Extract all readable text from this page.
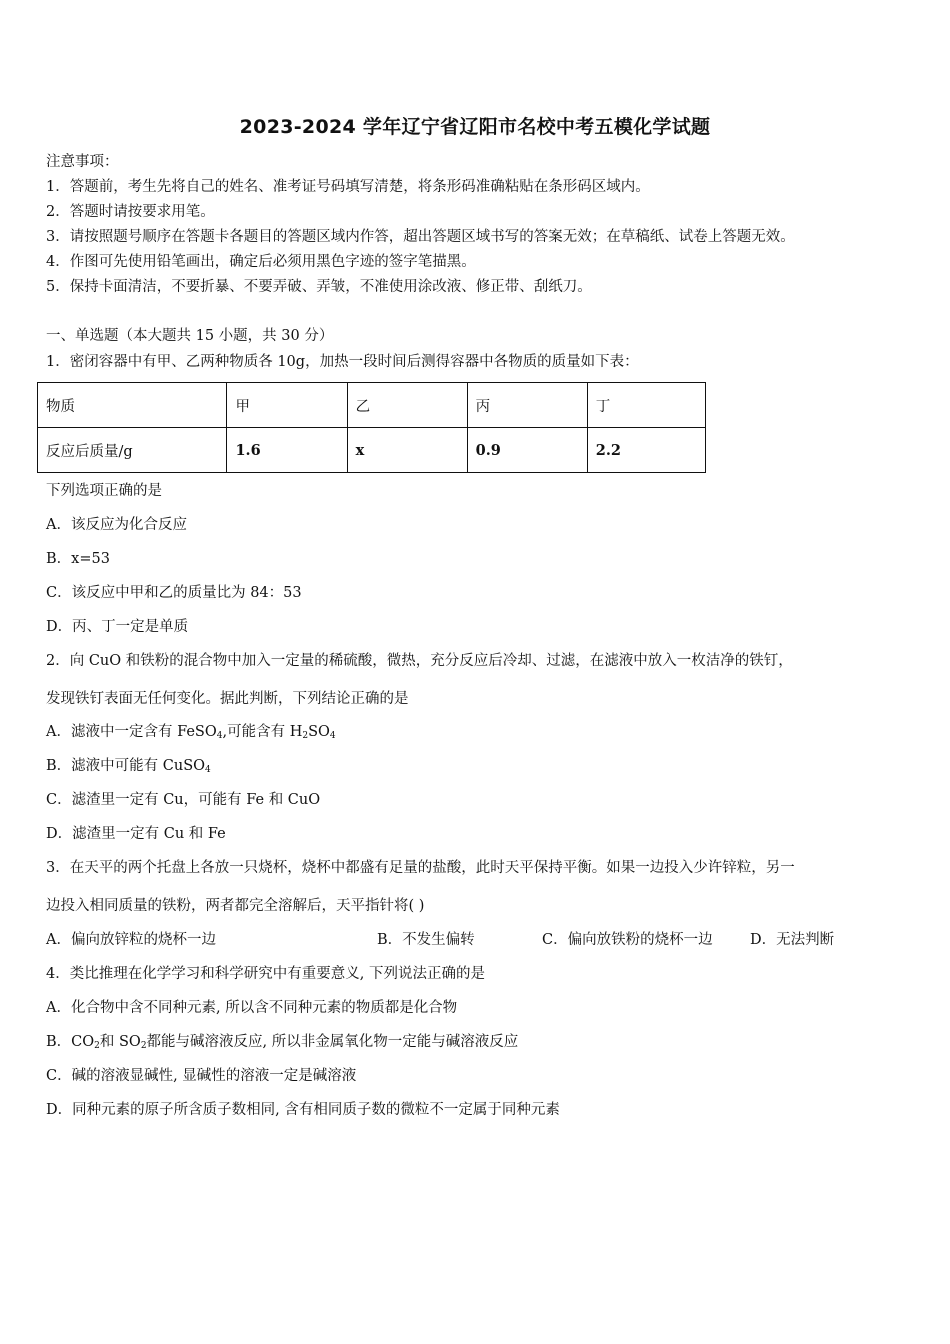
2023-2024 学年辽宁省辽阳市名校中考五模化学试题
注意事项：
1．答题前，考生先将自己的姓名、准考证号码填写清楚，将条形码准确粘贴在条形码区域内。
2．答题时请按要求用笔。
3．请按照题号顺序在答题卡各题目的答题区域内作答，超出答题区域书写的答案无效；在草稿纸、试卷上答题无效。
4．作图可先使用铅笔画出，确定后必须用黑色字迹的签字笔描黑。
5．保持卡面清洁，不要折暴、不要弄破、弄皱，不准使用涂改液、修正带、刮纸刀。
一、单选题（本大题共 15 小题，共 30 分）
1．密闭容器中有甲、乙两种物质各 10g，加热一段时间后测得容器中各物质的质量如下表：
物质	甲	乙	丙	丁
反应后质量/g	1.6	x	0.9	2.2
下列选项正确的是
A．该反应为化合反应
B．x=53
C．该反应中甲和乙的质量比为 84：53
D．丙、丁一定是单质
2．向 CuO 和铁粉的混合物中加入一定量的稀硫酸，微热，充分反应后冷却、过滤，在滤液中放入一枚洁净的铁钉，
发现铁钉表面无任何变化。据此判断，下列结论正确的是
A．滤液中一定含有 FeSO$_4$,可能含有 $H_2SO_4$
B．滤液中可能有 CuSO$_4$
C．滤渣里一定有 Cu，可能有 Fe 和 CuO
D．滤渣里一定有 Cu 和 Fe
3．在天平的两个托盘上各放一只烧杯，烧杯中都盛有足量的盐酸，此时天平保持平衡。如果一边投入少许锌粒，另一
边投入相同质量的铁粉，两者都完全溶解后，天平指针将( )
A．偏向放锌粒的烧杯一边	B．不发生偏转	C．偏向放铁粉的烧杯一边	D．无法判断
4．类比推理在化学学习和科学研究中有重要意义, 下列说法正确的是
A．化合物中含不同种元素, 所以含不同种元素的物质都是化合物
B．$CO_2$和 $SO_2$都能与碱溶液反应, 所以非金属氧化物一定能与碱溶液反应
C．碱的溶液显碱性, 显碱性的溶液一定是碱溶液
D．同种元素的原子所含质子数相同, 含有相同质子数的微粒不一定属于同种元素
